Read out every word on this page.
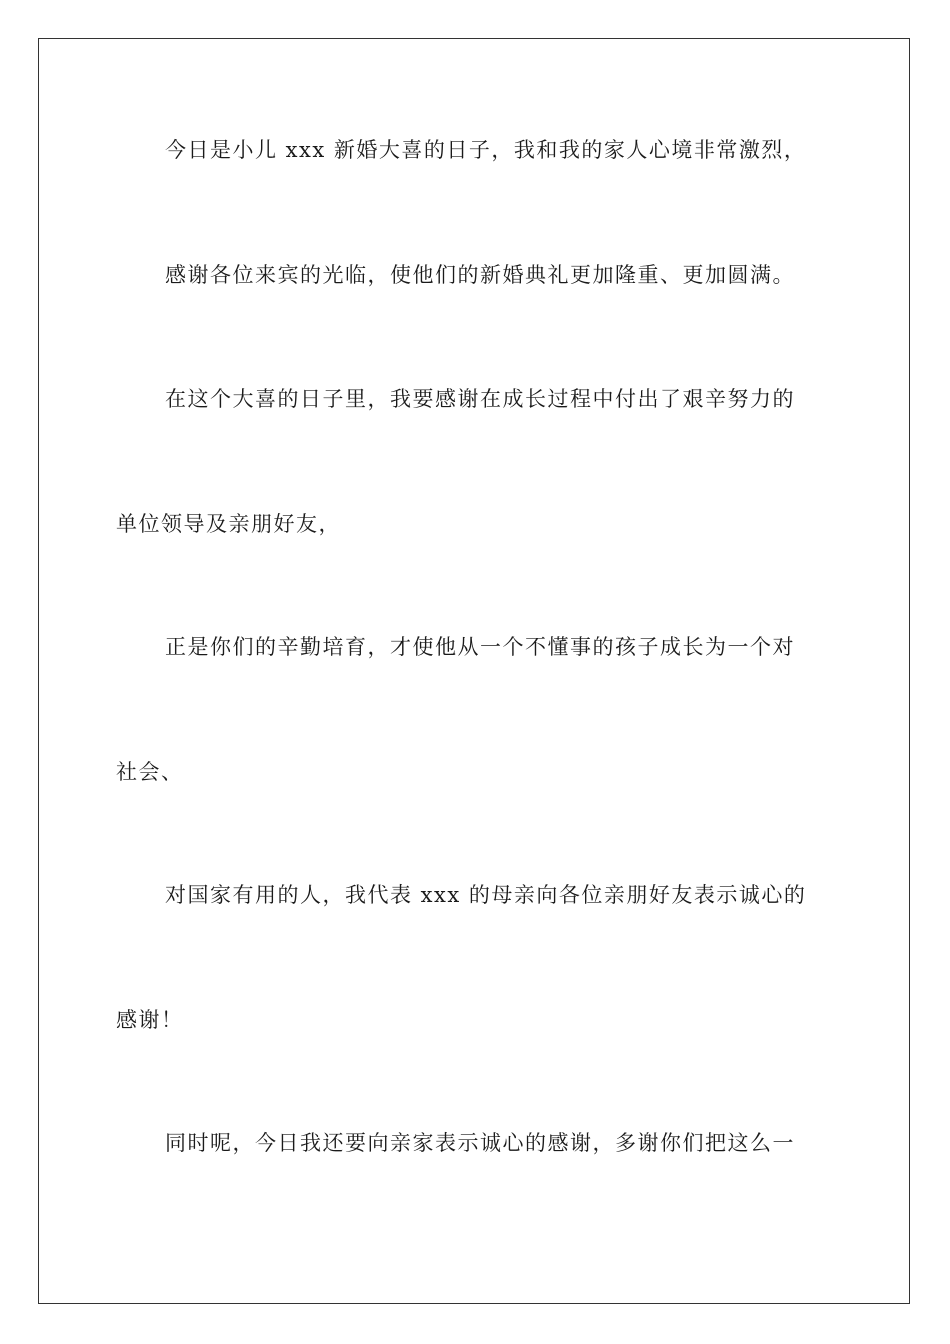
今日是小儿 xxx 新婚大喜的日子，我和我的家人心境非常激烈，
感谢各位来宾的光临，使他们的新婚典礼更加隆重、更加圆满。
在这个大喜的日子里，我要感谢在成长过程中付出了艰辛努力的
单位领导及亲朋好友，
正是你们的辛勤培育，才使他从一个不懂事的孩子成长为一个对
社会、
对国家有用的人，我代表 xxx 的母亲向各位亲朋好友表示诚心的
感谢！
同时呢，今日我还要向亲家表示诚心的感谢，多谢你们把这么一
